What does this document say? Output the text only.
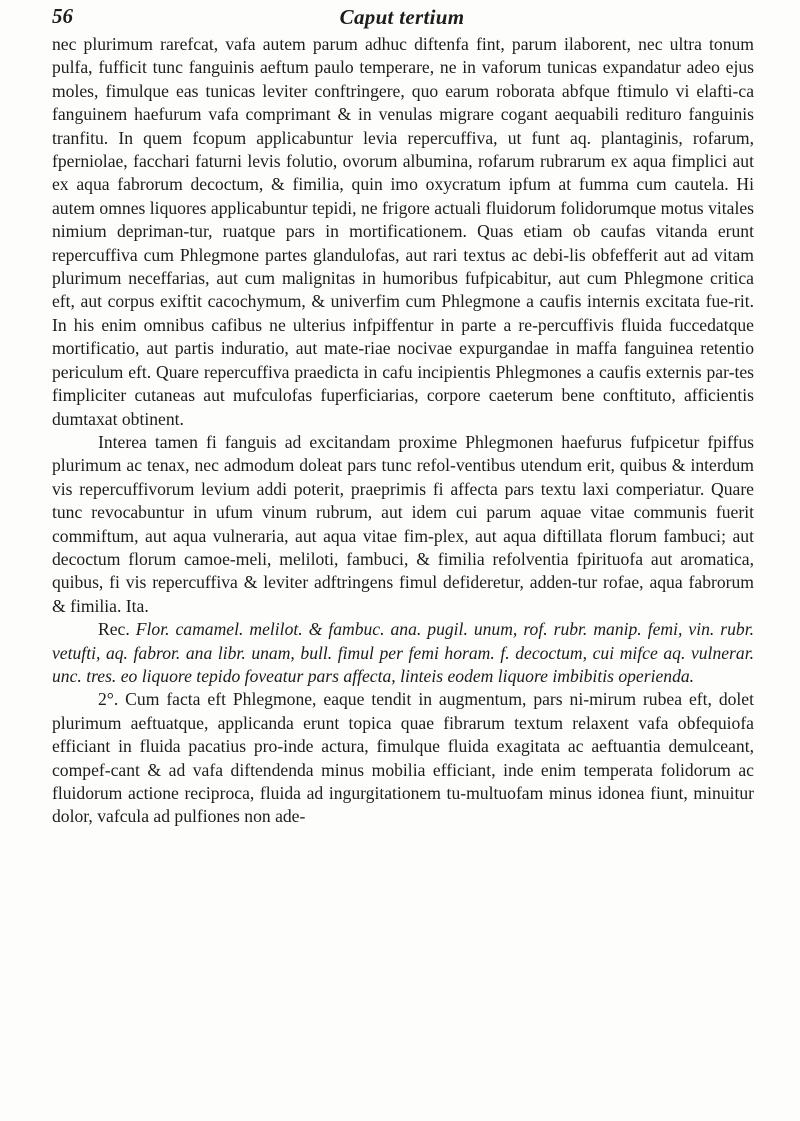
56	Caput tertium

nec plurimum rarefcat, vafa autem parum adhuc diftenfa fint, parum ilaborent, nec ultra tonum pulfa, fufficit tunc fanguinis aeftum paulo temperare, ne in vaforum tunicas expandatur adeo ejus moles, fimulque eas tunicas leviter conftringere, quo earum roborata abfque ftimulo vi elafti-ca fanguinem haefurum vafa comprimant & in venulas migrare cogant aequabili redituro fanguinis tranfitu. In quem fcopum applicabuntur levia repercuffiva, ut funt aq. plantaginis, rofarum, fperniolae, facchari faturni levis folutio, ovorum albumina, rofarum rubrarum ex aqua fimplici aut ex aqua fabrorum decoctum, & fimilia, quin imo oxycratum ipfum at fumma cum cautela. Hi autem omnes liquores applicabuntur tepidi, ne frigore actuali fluidorum folidorumque motus vitales nimium depriman-tur, ruatque pars in mortificationem. Quas etiam ob caufas vitanda erunt repercuffiva cum Phlegmone partes glandulofas, aut rari textus ac debi-lis obfefferit aut ad vitam plurimum neceffarias, aut cum malignitas in humoribus fufpicabitur, aut cum Phlegmone critica eft, aut corpus exiftit cacochymum, & univerfim cum Phlegmone a caufis internis excitata fue-rit. In his enim omnibus cafibus ne ulterius infpiffentur in parte a re-percuffivis fluida fuccedatque mortificatio, aut partis induratio, aut mate-riae nocivae expurgandae in maffa fanguinea retentio periculum eft. Quare repercuffiva praedicta in cafu incipientis Phlegmones a caufis externis par-tes fimpliciter cutaneas aut mufculofas fuperficiarias, corpore caeterum bene conftituto, afficientis dumtaxat obtinent.

Interea tamen fi fanguis ad excitandam proxime Phlegmonen haefurus fufpicetur fpiffus plurimum ac tenax, nec admodum doleat pars tunc refol-ventibus utendum erit, quibus & interdum vis repercuffivorum levium addi poterit, praeprimis fi affecta pars textu laxi comperiatur. Quare tunc revocabuntur in ufum vinum rubrum, aut idem cui parum aquae vitae communis fuerit commiftum, aut aqua vulneraria, aut aqua vitae fim-plex, aut aqua diftillata florum fambuci; aut decoctum florum camoe-meli, meliloti, fambuci, & fimilia refolventia fpirituofa aut aromatica, quibus, fi vis repercuffiva & leviter adftringens fimul defideretur, adden-tur rofae, aqua fabrorum & fimilia. Ita.

Rec. Flor. camamel. melilot. & fambuc. ana. pugil. unum, rof. rubr. manip. femi, vin. rubr. vetufti, aq. fabror. ana libr. unam, bull. fimul per femi horam. f. decoctum, cui mifce aq. vulnerar. unc. tres. eo liquore tepido foveatur pars affecta, linteis eodem liquore imbibitis operienda.

2°. Cum facta eft Phlegmone, eaque tendit in augmentum, pars ni-mirum rubea eft, dolet plurimum aeftuatque, applicanda erunt topica quae fibrarum textum relaxent vafa obfequiofa efficiant in fluida pacatius pro-inde actura, fimulque fluida exagitata ac aeftuantia demulceant, compef-cant & ad vafa diftendenda minus mobilia efficiant, inde enim temperata folidorum ac fluidorum actione reciproca, fluida ad ingurgitationem tu-multuofam minus idonea fiunt, minuitur dolor, vafcula ad pulfiones non ade-
